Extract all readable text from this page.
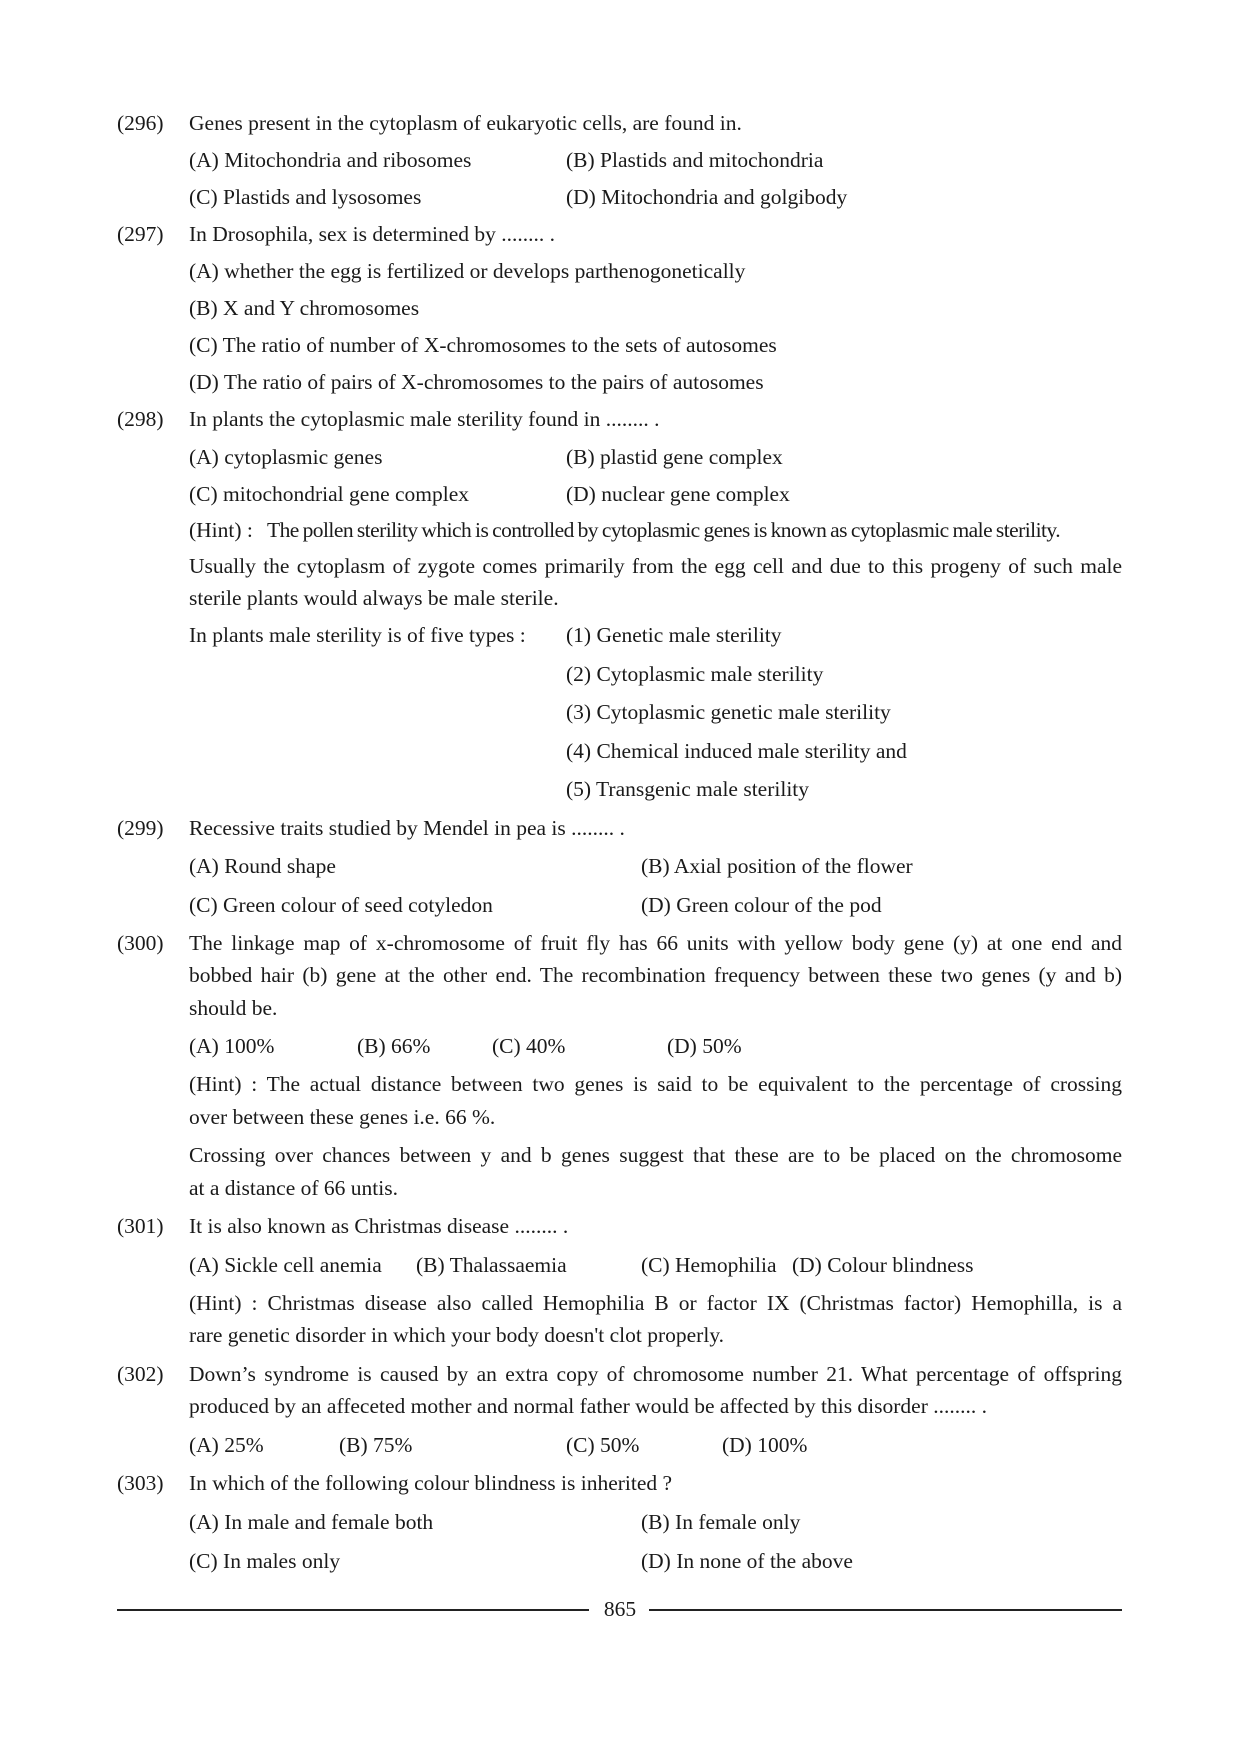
(296) Genes present in the cytoplasm of eukaryotic cells, are found in.
(A) Mitochondria and ribosomes	(B) Plastids and mitochondria
(C) Plastids and lysosomes	(D) Mitochondria and golgibody
(297) In Drosophila, sex is determined by ........ .
(A) whether the egg is fertilized or develops parthenogonetically
(B) X and Y chromosomes
(C) The ratio of number of X-chromosomes to the sets of autosomes
(D) The ratio of pairs of X-chromosomes to the pairs of autosomes
(298) In plants the cytoplasmic male sterility found in ........ .
(A) cytoplasmic genes	(B) plastid gene complex
(C) mitochondrial gene complex	(D) nuclear gene complex
(Hint) : The pollen sterility which is controlled by cytoplasmic genes is known as cytoplasmic male sterility.
Usually the cytoplasm of zygote comes primarily from the egg cell and due to this progeny of such male
sterile plants would always be male sterile.
In plants male sterility is of five types : (1) Genetic male sterility
(2) Cytoplasmic male sterility
(3) Cytoplasmic genetic male sterility
(4) Chemical induced male sterility and
(5) Transgenic male sterility
(299) Recessive traits studied by Mendel in pea is ........ .
(A) Round shape	(B) Axial position of the flower
(C) Green colour of seed cotyledon	(D) Green colour of the pod
(300) The linkage map of x-chromosome of fruit fly has 66 units with yellow body gene (y) at one end and
bobbed hair (b) gene at the other end. The recombination frequency between these two genes (y and b)
should be.
(A) 100%	(B) 66%	(C) 40%	(D) 50%
(Hint) : The actual distance between two genes is said to be equivalent to the percentage of crossing
over between these genes i.e. 66 %.
Crossing over chances between y and b genes suggest that these are to be placed on the chromosome
at a distance of 66 untis.
(301) It is also known as Christmas disease ........ .
(A) Sickle cell anemia (B) Thalassaemia	(C) Hemophilia (D) Colour blindness
(Hint) : Christmas disease also called Hemophilia B or factor IX (Christmas factor) Hemophilla, is a
rare genetic disorder in which your body doesn't clot properly.
(302) Down’s syndrome is caused by an extra copy of chromosome number 21. What percentage of offspring
produced by an affeceted mother and normal father would be affected by this disorder ........ .
(A) 25%	(B) 75%	(C) 50%	(D) 100%
(303) In which of the following colour blindness is inherited ?
(A) In male and female both	(B) In female only
(C) In males only	(D) In none of the above
865
